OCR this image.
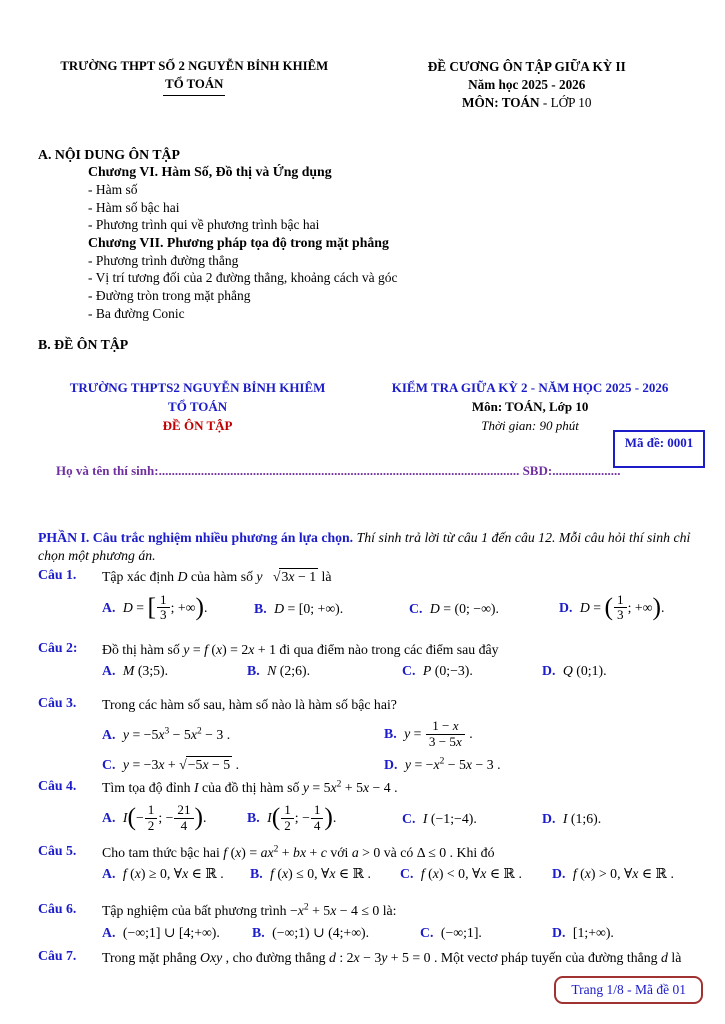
TRƯỜNG THPT SỐ 2 NGUYỄN BỈNH KHIÊM
TỔ TOÁN
ĐỀ CƯƠNG ÔN TẬP GIỮA KỲ II
Năm học 2025 - 2026
MÔN: TOÁN - LỚP 10
A. NỘI DUNG ÔN TẬP
Chương VI. Hàm Số, Đồ thị và Ứng dụng
- Hàm số
- Hàm số bậc hai
- Phương trình qui về phương trình bậc hai
Chương VII. Phương pháp tọa độ trong mặt phẳng
- Phương trình đường thẳng
- Vị trí tương đối của 2 đường thẳng, khoảng cách và góc
- Đường tròn trong mặt phẳng
- Ba đường Conic
B. ĐỀ ÔN TẬP
TRƯỜNG THPTS2 NGUYỄN BỈNH KHIÊM
TỔ TOÁN
ĐỀ ÔN TẬP
KIỂM TRA GIỮA KỲ 2 - NĂM HỌC 2025 - 2026
Môn: TOÁN, Lớp 10
Thời gian: 90 phút
Mã đề: 0001
Họ và tên thí sinh:............................................................................................................... SBD:.....................
PHẦN I. Câu trắc nghiệm nhiều phương án lựa chọn. Thí sinh trả lời từ câu 1 đến câu 12. Mỗi câu hỏi thí sinh chỉ chọn một phương án.
Câu 1.	Tập xác định D của hàm số y √3x − 1 là
A. D = [ $\frac{1}{3}$ ; +∞).	B. D = [0; +∞).	C. D = (0; −∞).	D. D = ( $\frac{1}{3}$ ; +∞).
Câu 2:	Đồ thị hàm số y = f (x) = 2x + 1 đi qua điểm nào trong các điểm sau đây
A. M (3;5).	B. N (2;6).	C. P (0;−3).	D. Q (0;1).
Câu 3.	Trong các hàm số sau, hàm số nào là hàm số bậc hai?
A. $y = -5x^3 - 5x^2 - 3$ .	B. $y = \frac{1 - x}{3 - 5x}$ .
C. y = −3x + √−5x − 5 .	D. $y = -x^2 - 5x - 3$ .
Câu 4.	Tìm tọa độ đỉnh I của đồ thị hàm số $y = 5x^2 + 5x - 4$ .
A. $I(- \frac{1}{2}$ ; − $\frac{21}{4}$ ).	B. $I( \frac{1}{2}$ ; − $\frac{1}{4}$ ).	C. I (−1;−4).	D. I (1;6).
Câu 5.	Cho tam thức bậc hai f $(x) = ax^2$ + bx + c với a > 0 và có Δ ≤ 0 . Khi đó
A. f (x) ≥ 0, ∀x ∈ ℝ .	B. f (x) ≤ 0, ∀x ∈ ℝ .	C. f (x) < 0, ∀x ∈ ℝ .	D. f (x) > 0, ∀x ∈ ℝ .
Câu 6.	Tập nghiệm của bất phương trình $-x^2 + 5x - 4 \le 0$ là:
A. (−∞;1] ∪ [4;+∞).	B. (−∞;1) ∪ (4;+∞).	C. (−∞;1].	D. [1;+∞).
Câu 7.	Trong mặt phẳng Oxy , cho đường thẳng d : 2x − 3y + 5 = 0 . Một vectơ pháp tuyến của đường thẳng d là
Trang 1/8 - Mã đề 01
